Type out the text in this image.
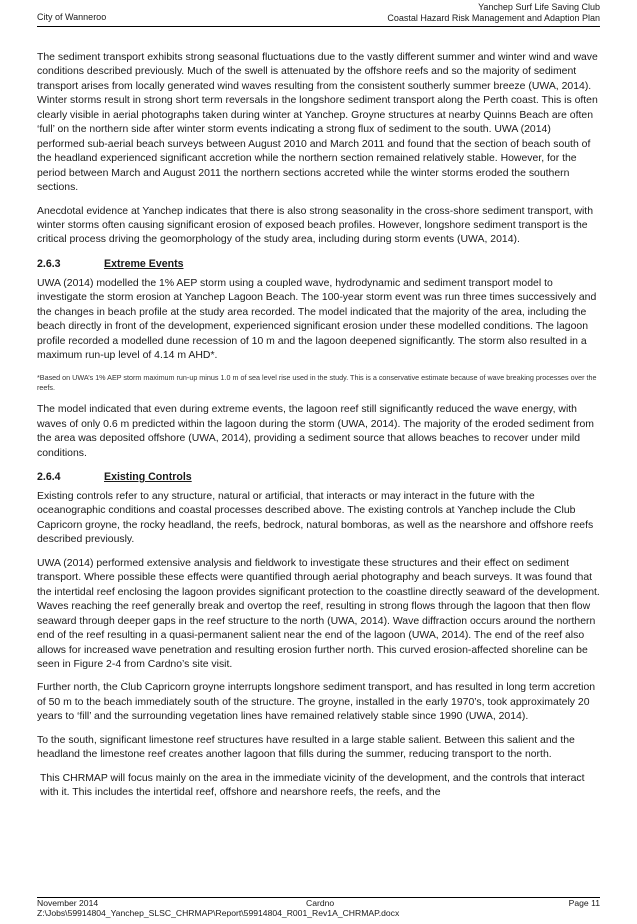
City of Wanneroo
Yanchep Surf Life Saving Club
Coastal Hazard Risk Management and Adaption Plan

The sediment transport exhibits strong seasonal fluctuations due to the vastly different summer and winter wind and wave conditions described previously. Much of the swell is attenuated by the offshore reefs and so the majority of sediment transport arises from locally generated wind waves resulting from the consistent southerly summer breeze (UWA, 2014). Winter storms result in strong short term reversals in the longshore sediment transport along the Perth coast. This is often clearly visible in aerial photographs taken during winter at Yanchep. Groyne structures at nearby Quinns Beach are often ‘full’ on the northern side after winter storm events indicating a strong flux of sediment to the south. UWA (2014) performed sub-aerial beach surveys between August 2010 and March 2011 and found that the section of beach south of the headland experienced significant accretion while the northern section remained relatively stable. However, for the period between March and August 2011 the northern sections accreted while the winter storms eroded the southern sections.

Anecdotal evidence at Yanchep indicates that there is also strong seasonality in the cross-shore sediment transport, with winter storms often causing significant erosion of exposed beach profiles. However, longshore sediment transport is the critical process driving the geomorphology of the study area, including during storm events (UWA, 2014).

2.6.3	Extreme Events

UWA (2014) modelled the 1% AEP storm using a coupled wave, hydrodynamic and sediment transport model to investigate the storm erosion at Yanchep Lagoon Beach. The 100-year storm event was run three times successively and the changes in beach profile at the study area recorded. The model indicated that the majority of the area, including the beach directly in front of the development, experienced significant erosion under these modelled conditions. The lagoon profile recorded a modelled dune recession of 10 m and the lagoon deepened significantly. The storm also resulted in a maximum run-up level of 4.14 m AHD*.

*Based on UWA’s 1% AEP storm maximum run-up minus 1.0 m of sea level rise used in the study. This is a conservative estimate because of wave breaking processes over the reefs.

The model indicated that even during extreme events, the lagoon reef still significantly reduced the wave energy, with waves of only 0.6 m predicted within the lagoon during the storm (UWA, 2014). The majority of the eroded sediment from the area was deposited offshore (UWA, 2014), providing a sediment source that allows beaches to recover under mild conditions.

2.6.4	Existing Controls

Existing controls refer to any structure, natural or artificial, that interacts or may interact in the future with the oceanographic conditions and coastal processes described above. The existing controls at Yanchep include the Club Capricorn groyne, the rocky headland, the reefs, bedrock, natural bomboras, as well as the nearshore and offshore reefs described previously.

UWA (2014) performed extensive analysis and fieldwork to investigate these structures and their effect on sediment transport. Where possible these effects were quantified through aerial photography and beach surveys. It was found that the intertidal reef enclosing the lagoon provides significant protection to the coastline directly seaward of the development. Waves reaching the reef generally break and overtop the reef, resulting in strong flows through the lagoon that then flow seaward through deeper gaps in the reef structure to the north (UWA, 2014). Wave diffraction occurs around the northern end of the reef resulting in a quasi-permanent salient near the end of the lagoon (UWA, 2014). The end of the reef also allows for increased wave penetration and resulting erosion further north. This curved erosion-affected shoreline can be seen in Figure 2-4 from Cardno’s site visit.

Further north, the Club Capricorn groyne interrupts longshore sediment transport, and has resulted in long term accretion of 50 m to the beach immediately south of the structure. The groyne, installed in the early 1970’s, took approximately 20 years to ‘fill’ and the surrounding vegetation lines have remained relatively stable since 1990 (UWA, 2014).

To the south, significant limestone reef structures have resulted in a large stable salient. Between this salient and the headland the limestone reef creates another lagoon that fills during the summer, reducing transport to the north.

This CHRMAP will focus mainly on the area in the immediate vicinity of the development, and the controls that interact with it. This includes the intertidal reef, offshore and nearshore reefs, the reefs, and the

November 2014	Cardno	Page 11
Z:\Jobs\59914804_Yanchep_SLSC_CHRMAP\Report\59914804_R001_Rev1A_CHRMAP.docx
